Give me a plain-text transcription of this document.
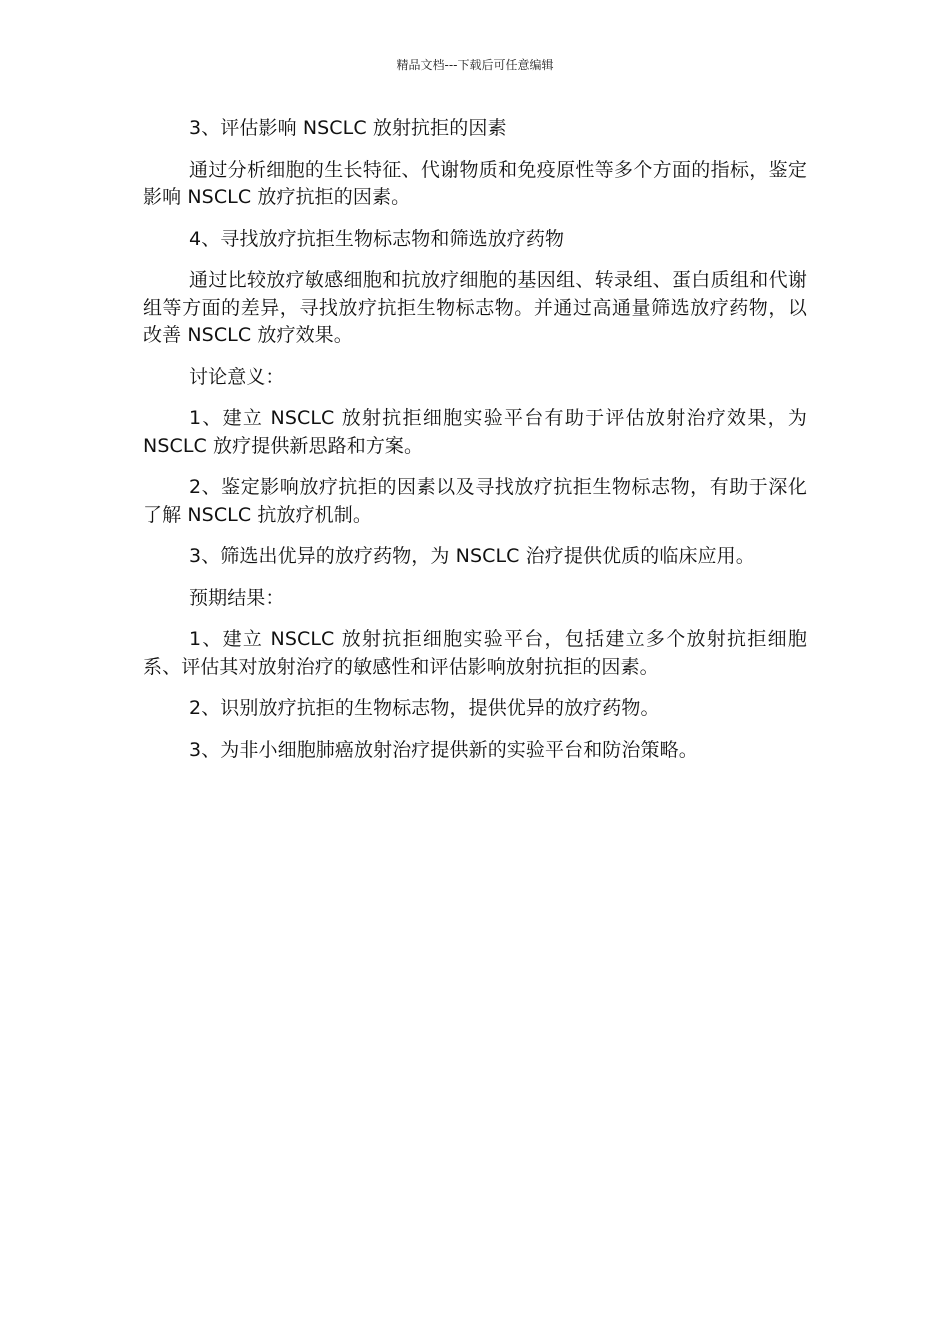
精品文档---下载后可任意编辑

3、评估影响 NSCLC 放射抗拒的因素

通过分析细胞的生长特征、代谢物质和免疫原性等多个方面的指标，鉴定影响 NSCLC 放疗抗拒的因素。

4、寻找放疗抗拒生物标志物和筛选放疗药物

通过比较放疗敏感细胞和抗放疗细胞的基因组、转录组、蛋白质组和代谢组等方面的差异，寻找放疗抗拒生物标志物。并通过高通量筛选放疗药物，以改善 NSCLC 放疗效果。

讨论意义：

1、建立 NSCLC 放射抗拒细胞实验平台有助于评估放射治疗效果，为 NSCLC 放疗提供新思路和方案。

2、鉴定影响放疗抗拒的因素以及寻找放疗抗拒生物标志物，有助于深化了解 NSCLC 抗放疗机制。

3、筛选出优异的放疗药物，为 NSCLC 治疗提供优质的临床应用。

预期结果：

1、建立 NSCLC 放射抗拒细胞实验平台，包括建立多个放射抗拒细胞系、评估其对放射治疗的敏感性和评估影响放射抗拒的因素。

2、识别放疗抗拒的生物标志物，提供优异的放疗药物。

3、为非小细胞肺癌放射治疗提供新的实验平台和防治策略。
